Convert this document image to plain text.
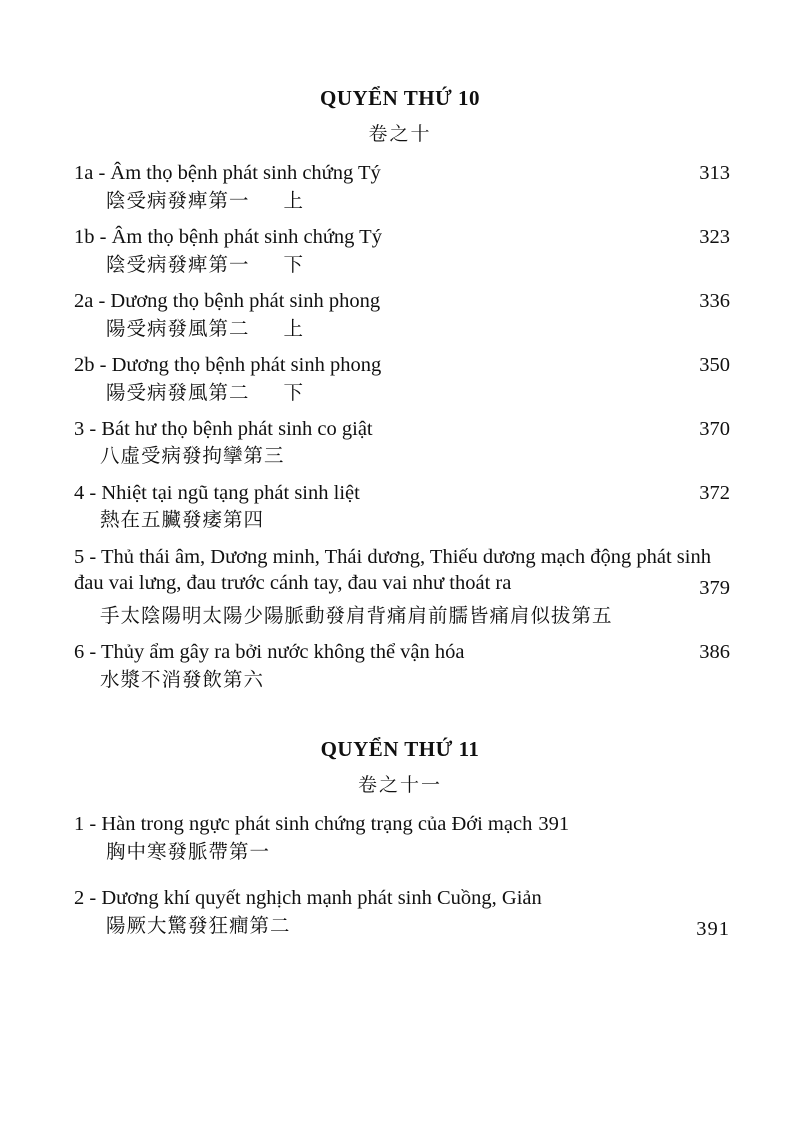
QUYỂN THỨ 10
卷之十
1a - Âm thọ bệnh phát sinh chứng Tý	313
陰受病發痺第一 上
1b - Âm thọ bệnh phát sinh chứng Tý	323
陰受病發痺第一 下
2a - Dương thọ bệnh phát sinh phong	336
陽受病發風第二 上
2b - Dương thọ bệnh phát sinh phong	350
陽受病發風第二 下
3 - Bát hư thọ bệnh phát sinh co giật	370
八虛受病發拘攣第三
4 - Nhiệt tại ngũ tạng phát sinh liệt	372
熱在五臟發痿第四
5 - Thủ thái âm, Dương minh, Thái dương, Thiếu dương mạch động phát sinh đau vai lưng, đau trước cánh tay, đau vai như thoát ra	379
手太陰陽明太陽少陽脈動發肩背痛肩前臑皆痛肩似拔第五
6 - Thủy ẩm gây ra bởi nước không thể vận hóa	386
水漿不消發飲第六
QUYỂN THỨ 11
卷之十一
1 - Hàn trong ngực phát sinh chứng trạng của Đới mạch 391
胸中寒發脈帶第一
2 - Dương khí quyết nghịch mạnh phát sinh Cuồng, Giản
陽厥大驚發狂癎第二	391
